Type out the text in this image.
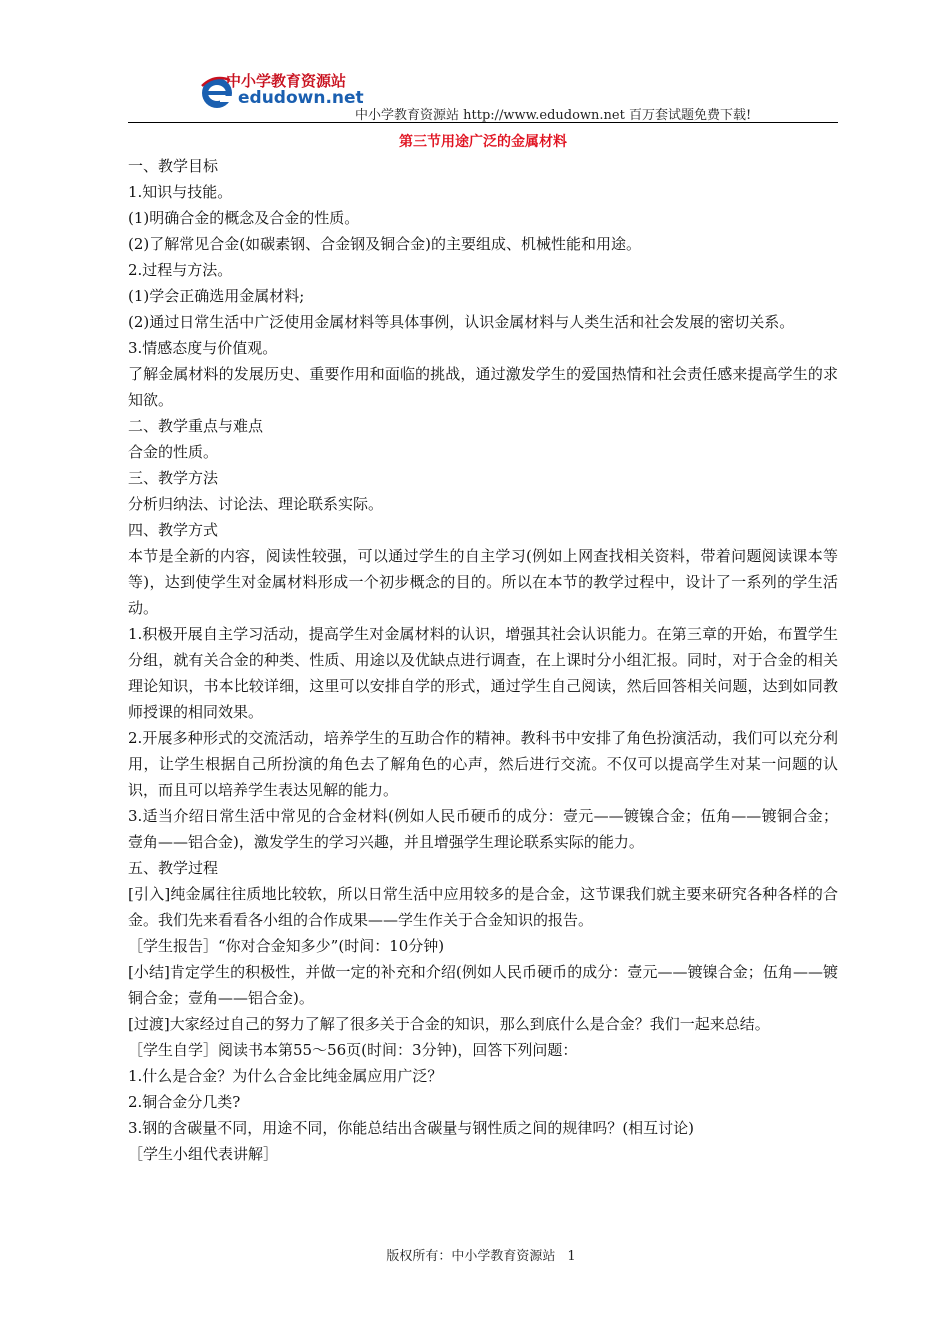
中小学教育资源站
edudown.net
中小学教育资源站 http://www.edudown.net 百万套试题免费下载!
第三节用途广泛的金属材料
一、教学目标
1.知识与技能。
(1)明确合金的概念及合金的性质。
(2)了解常见合金(如碳素钢、合金钢及铜合金)的主要组成、机械性能和用途。
2.过程与方法。
(1)学会正确选用金属材料;
(2)通过日常生活中广泛使用金属材料等具体事例，认识金属材料与人类生活和社会发展的密切关系。
3.情感态度与价值观。
了解金属材料的发展历史、重要作用和面临的挑战，通过激发学生的爱国热情和社会责任感来提高学生的求知欲。
二、教学重点与难点
合金的性质。
三、教学方法
分析归纳法、讨论法、理论联系实际。
四、教学方式
本节是全新的内容，阅读性较强，可以通过学生的自主学习(例如上网查找相关资料，带着问题阅读课本等等)，达到使学生对金属材料形成一个初步概念的目的。所以在本节的教学过程中，设计了一系列的学生活动。
1.积极开展自主学习活动，提高学生对金属材料的认识，增强其社会认识能力。在第三章的开始，布置学生分组，就有关合金的种类、性质、用途以及优缺点进行调查，在上课时分小组汇报。同时，对于合金的相关理论知识，书本比较详细，这里可以安排自学的形式，通过学生自己阅读，然后回答相关问题，达到如同教师授课的相同效果。
2.开展多种形式的交流活动，培养学生的互助合作的精神。教科书中安排了角色扮演活动，我们可以充分利用，让学生根据自己所扮演的角色去了解角色的心声，然后进行交流。不仅可以提高学生对某一问题的认识，而且可以培养学生表达见解的能力。
3.适当介绍日常生活中常见的合金材料(例如人民币硬币的成分：壹元——镀镍合金；伍角——镀铜合金；壹角——铝合金)，激发学生的学习兴趣，并且增强学生理论联系实际的能力。
五、教学过程
[引入]纯金属往往质地比较软，所以日常生活中应用较多的是合金，这节课我们就主要来研究各种各样的合金。我们先来看看各小组的合作成果——学生作关于合金知识的报告。
［学生报告］“你对合金知多少”(时间：10分钟)
[小结]肯定学生的积极性，并做一定的补充和介绍(例如人民币硬币的成分：壹元——镀镍合金；伍角——镀铜合金；壹角——铝合金)。
[过渡]大家经过自己的努力了解了很多关于合金的知识，那么到底什么是合金？我们一起来总结。
［学生自学］阅读书本第55～56页(时间：3分钟)，回答下列问题：
1.什么是合金？为什么合金比纯金属应用广泛？
2.铜合金分几类?
3.钢的含碳量不同，用途不同，你能总结出含碳量与钢性质之间的规律吗？(相互讨论)
［学生小组代表讲解］
版权所有：中小学教育资源站 1
